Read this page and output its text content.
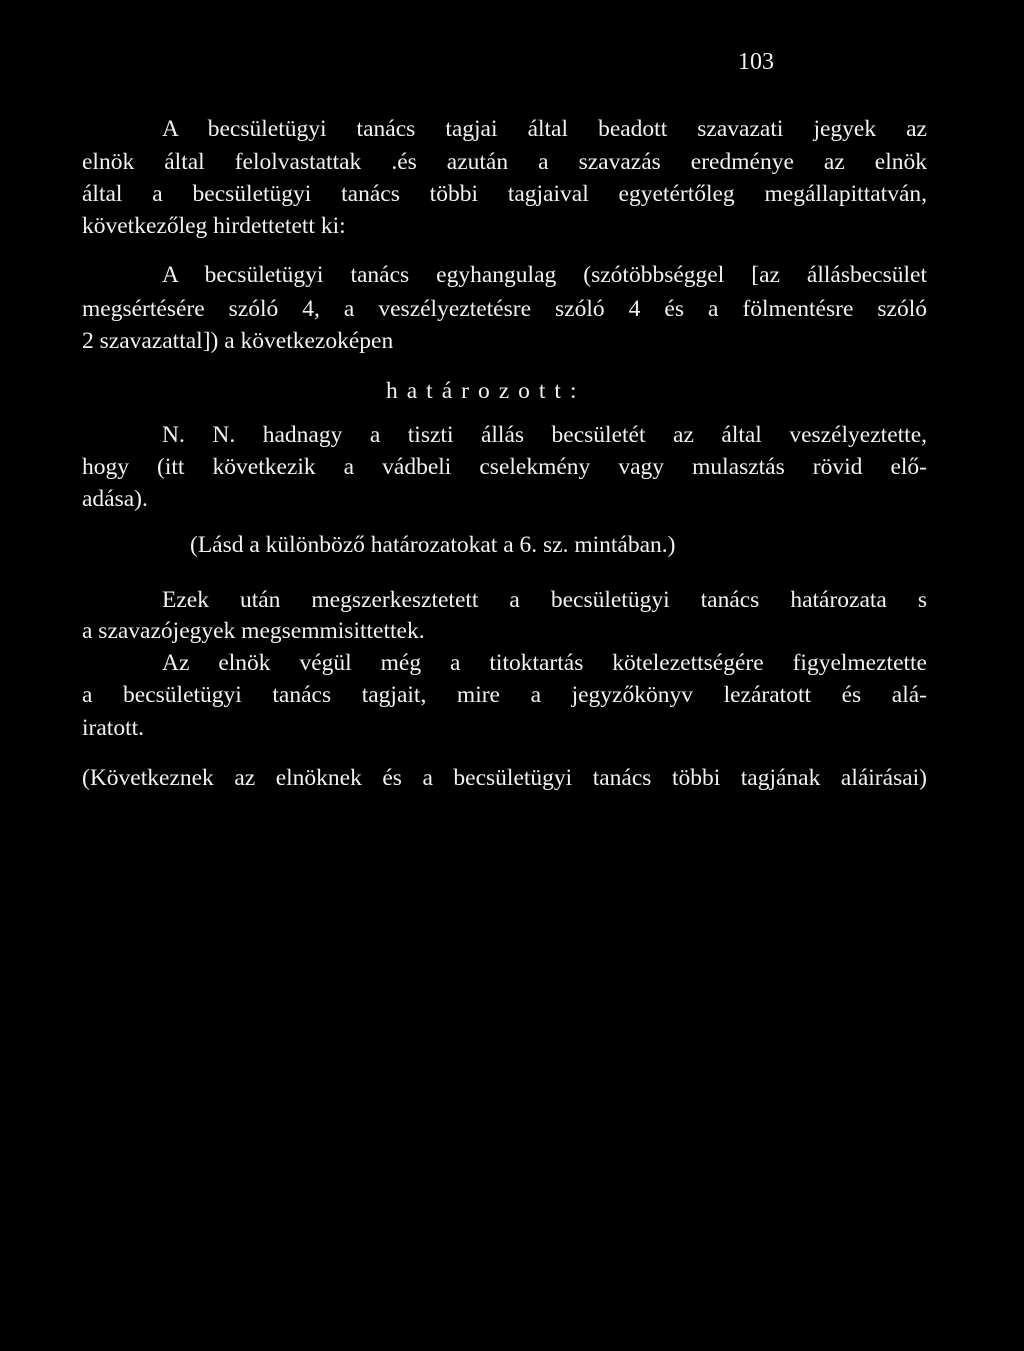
103
A becsületügyi tanács tagjai által beadott szavazati jegyek az
elnök által felolvastattak .és azután a szavazás eredménye az elnök
által a becsületügyi tanács többi tagjaival egyetértőleg megállapittatván,
következőleg hirdettetett ki:
A becsületügyi tanács egyhangulag (szótöbbséggel [az állásbecsület
megsértésére szóló 4, a veszélyeztetésre szóló 4 és a fölmentésre szóló
2 szavazattal]) a következoképen
határozott:
N. N. hadnagy a tiszti állás becsületét az által veszélyeztette,
hogy (itt következik a vádbeli cselekmény vagy mulasztás rövid elő-
adása).
(Lásd a különböző határozatokat a 6. sz. mintában.)
Ezek után megszerkesztetett a becsületügyi tanács határozata s
a szavazójegyek megsemmisittettek.
Az elnök végül még a titoktartás kötelezettségére figyelmeztette
a becsületügyi tanács tagjait, mire a jegyzőkönyv lezáratott és alá-
iratott.
(Következnek az elnöknek és a becsületügyi tanács többi tagjának aláirásai)
